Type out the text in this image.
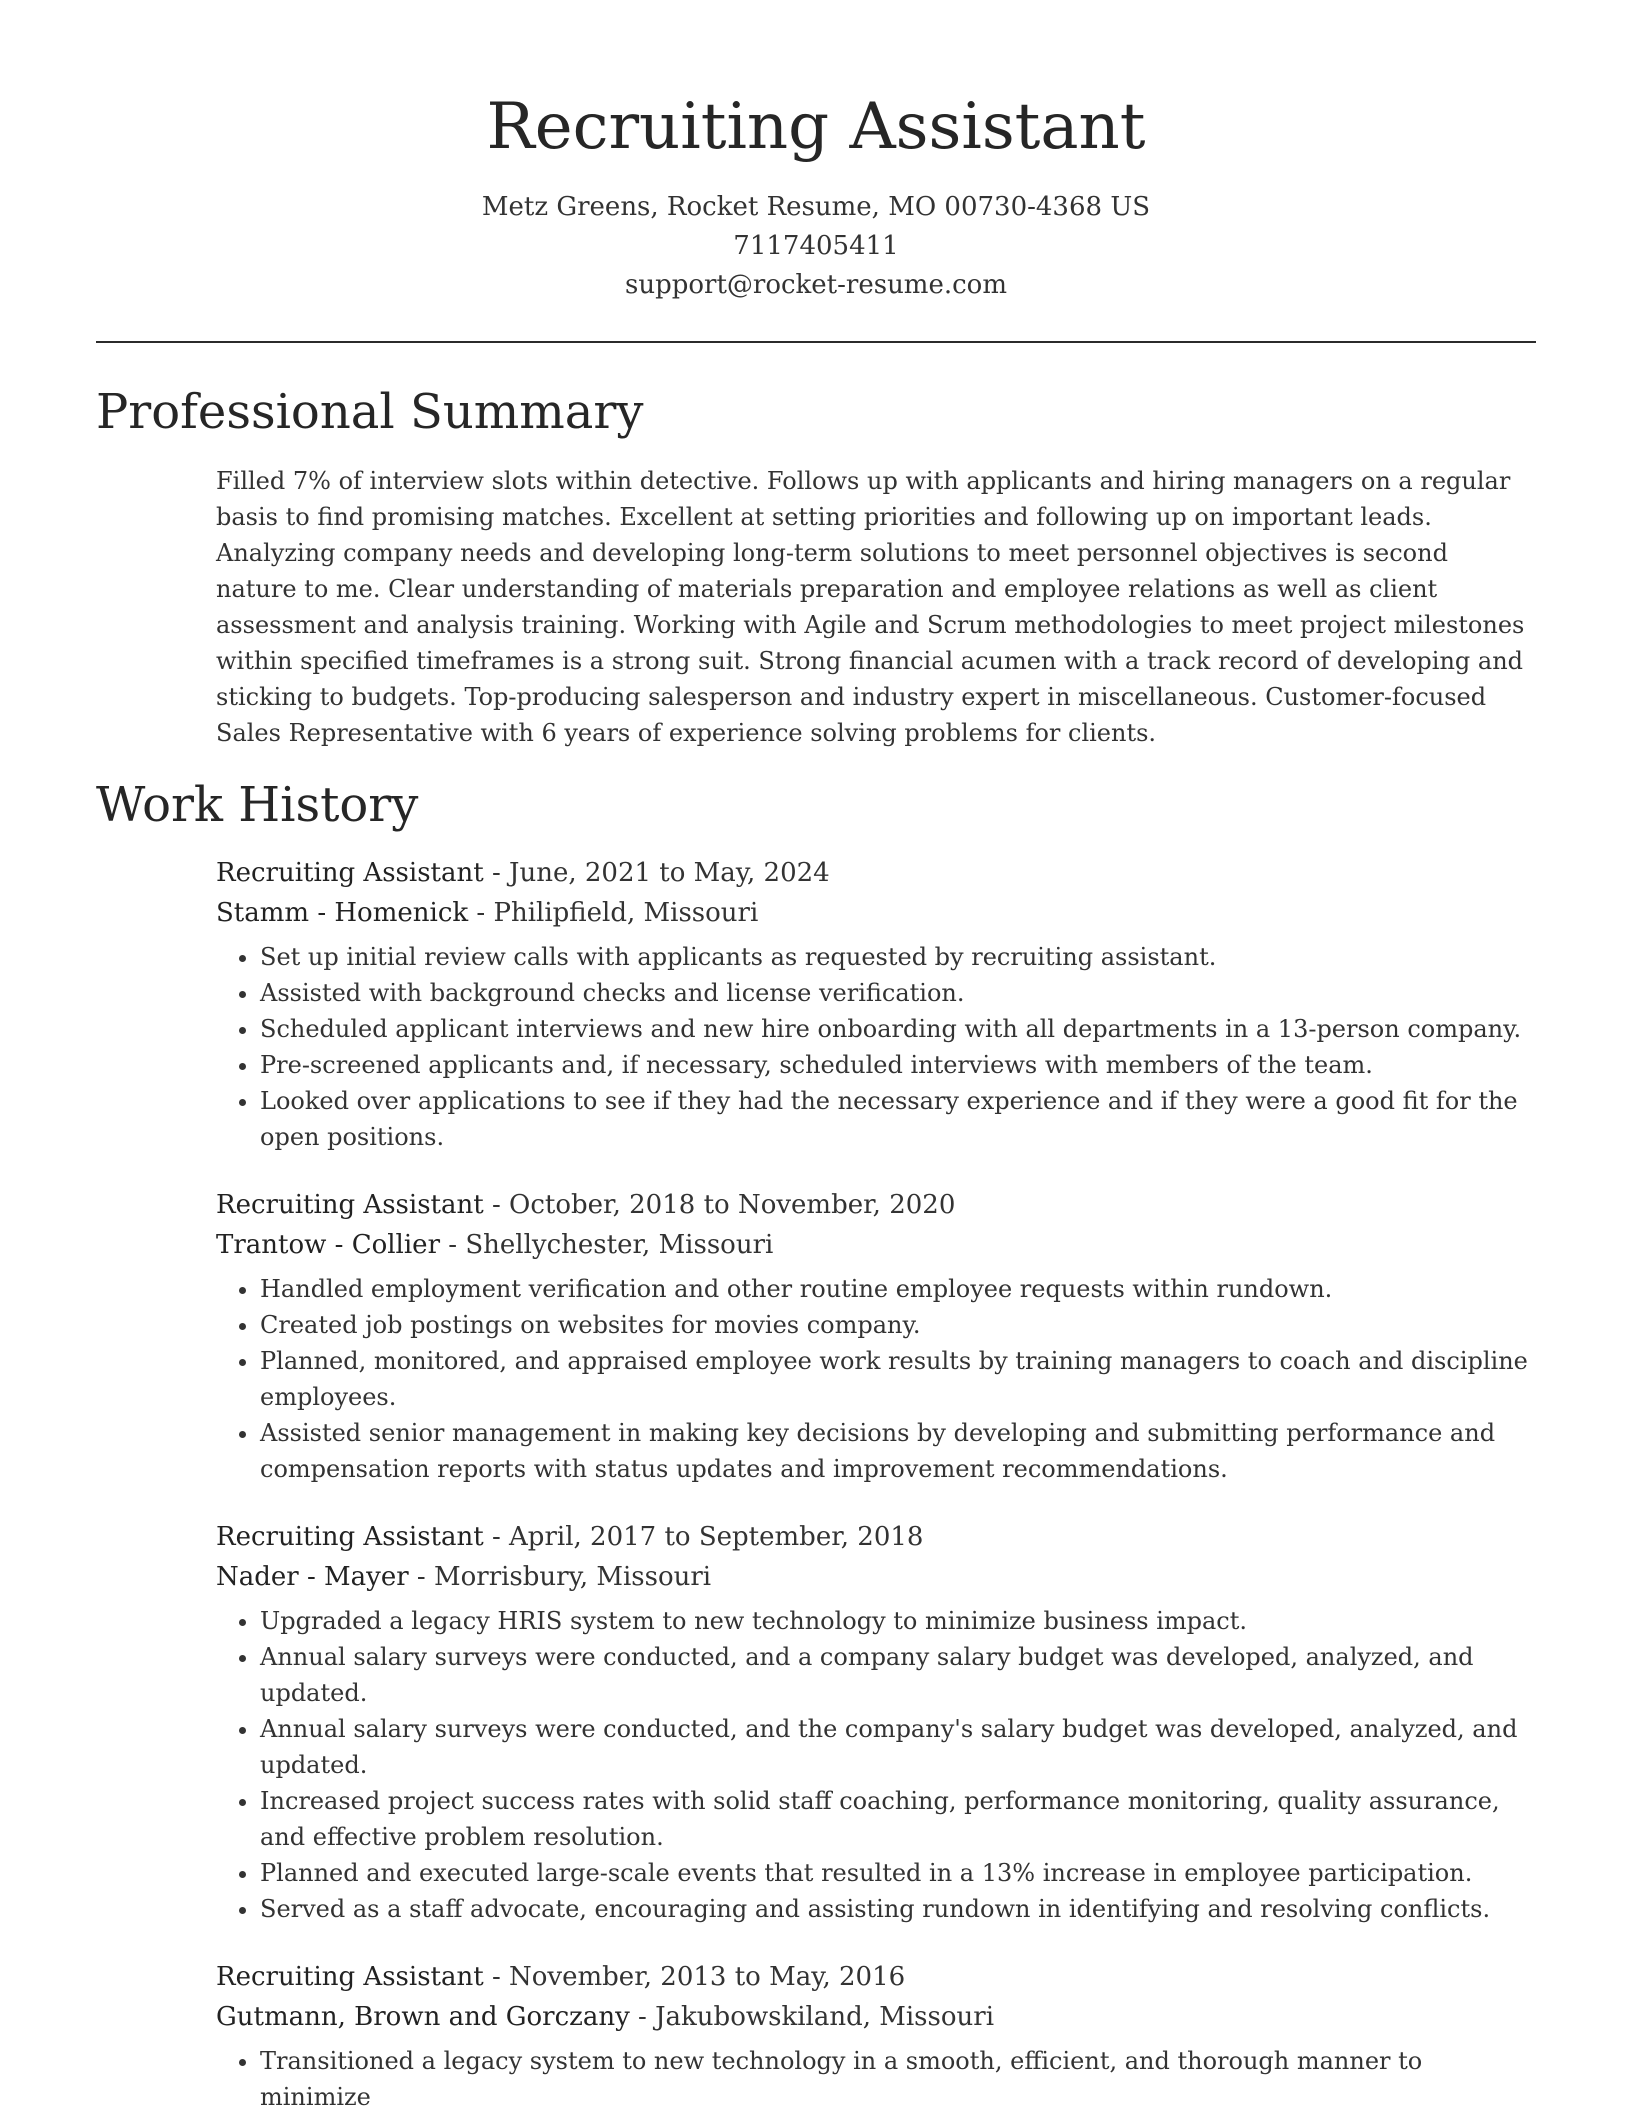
Recruiting Assistant
Metz Greens, Rocket Resume, MO 00730-4368 US
7117405411
support@rocket-resume.com
Professional Summary

Filled 7% of interview slots within detective. Follows up with applicants and hiring managers on a regular basis to find promising matches. Excellent at setting priorities and following up on important leads. Analyzing company needs and developing long-term solutions to meet personnel objectives is second nature to me. Clear understanding of materials preparation and employee relations as well as client assessment and analysis training. Working with Agile and Scrum methodologies to meet project milestones within specified timeframes is a strong suit. Strong financial acumen with a track record of developing and sticking to budgets. Top-producing salesperson and industry expert in miscellaneous. Customer-focused Sales Representative with 6 years of experience solving problems for clients.

Work History
Recruiting Assistant - June, 2021 to May, 2024
Stamm - Homenick - Philipfield, Missouri
• Set up initial review calls with applicants as requested by recruiting assistant.
• Assisted with background checks and license verification.
• Scheduled applicant interviews and new hire onboarding with all departments in a 13-person company.
• Pre-screened applicants and, if necessary, scheduled interviews with members of the team.
• Looked over applications to see if they had the necessary experience and if they were a good fit for the open positions.
Recruiting Assistant - October, 2018 to November, 2020
Trantow - Collier - Shellychester, Missouri
• Handled employment verification and other routine employee requests within rundown.
• Created job postings on websites for movies company.
• Planned, monitored, and appraised employee work results by training managers to coach and discipline employees.
• Assisted senior management in making key decisions by developing and submitting performance and compensation reports with status updates and improvement recommendations.
Recruiting Assistant - April, 2017 to September, 2018
Nader - Mayer - Morrisbury, Missouri
• Upgraded a legacy HRIS system to new technology to minimize business impact.
• Annual salary surveys were conducted, and a company salary budget was developed, analyzed, and updated.
• Annual salary surveys were conducted, and the company's salary budget was developed, analyzed, and updated.
• Increased project success rates with solid staff coaching, performance monitoring, quality assurance, and effective problem resolution.
• Planned and executed large-scale events that resulted in a 13% increase in employee participation.
• Served as a staff advocate, encouraging and assisting rundown in identifying and resolving conflicts.
Recruiting Assistant - November, 2013 to May, 2016
Gutmann, Brown and Gorczany - Jakubowskiland, Missouri
• Transitioned a legacy system to new technology in a smooth, efficient, and thorough manner to minimize
